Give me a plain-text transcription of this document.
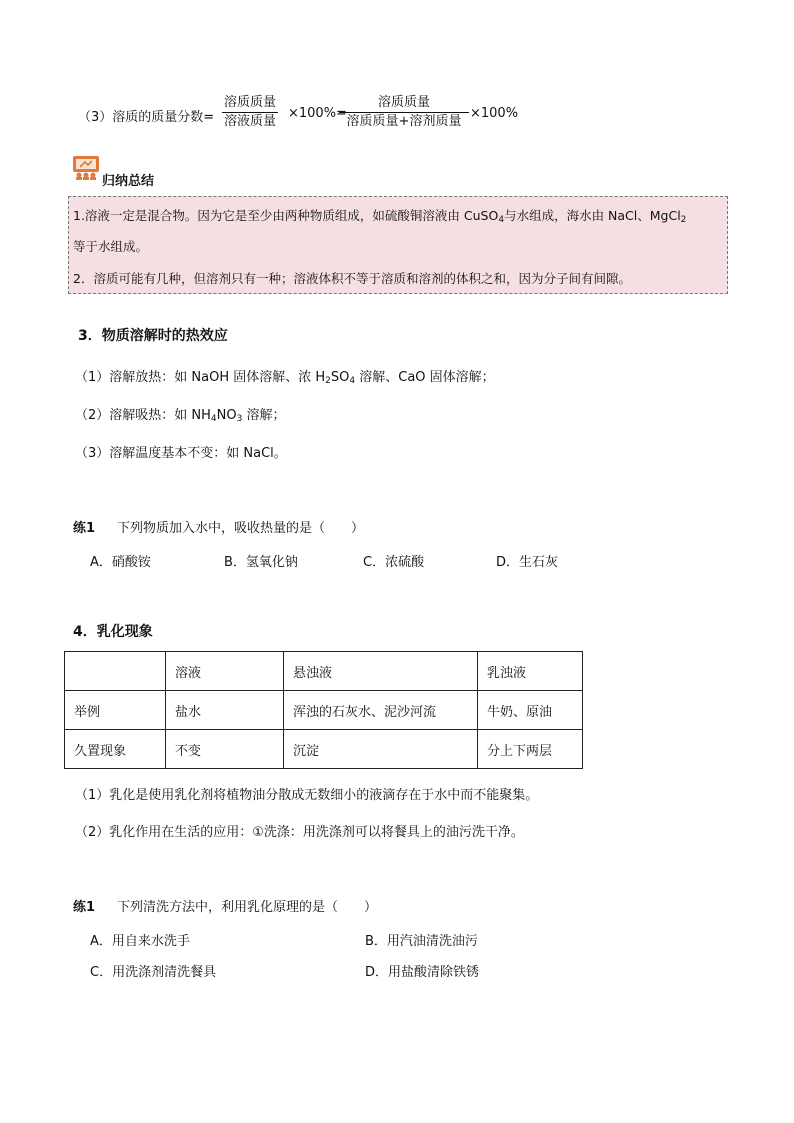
（3）溶质的质量分数=
溶质质量
溶液质量
×100%=
溶质质量
溶质质量+溶剂质量
×100%
归纳总结
1.溶液一定是混合物。因为它是至少由两种物质组成，如硫酸铜溶液由 CuSO$_4$与水组成，海水由 NaCl、MgCl$_2$
等于水组成。
2．溶质可能有几种，但溶剂只有一种；溶液体积不等于溶质和溶剂的体积之和，因为分子间有间隙。
3．物质溶解时的热效应
（1）溶解放热：如 NaOH 固体溶解、浓 $H_2SO_4$ 溶解、CaO 固体溶解；
（2）溶解吸热：如 $NH_4NO_3$ 溶解；
（3）溶解温度基本不变：如 NaCl。
练1 下列物质加入水中，吸收热量的是（　　）
A．硝酸铵	B．氢氧化钠	C．浓硫酸	D．生石灰
4．乳化现象
	溶液	悬浊液	乳浊液
举例	盐水	浑浊的石灰水、泥沙河流	牛奶、原油
久置现象	不变	沉淀	分上下两层
（1）乳化是使用乳化剂将植物油分散成无数细小的液滴存在于水中而不能聚集。
（2）乳化作用在生活的应用：①洗涤：用洗涤剂可以将餐具上的油污洗干净。
练1 下列清洗方法中，利用乳化原理的是（　　）
A．用自来水洗手	B．用汽油清洗油污
C．用洗涤剂清洗餐具	D．用盐酸清除铁锈
